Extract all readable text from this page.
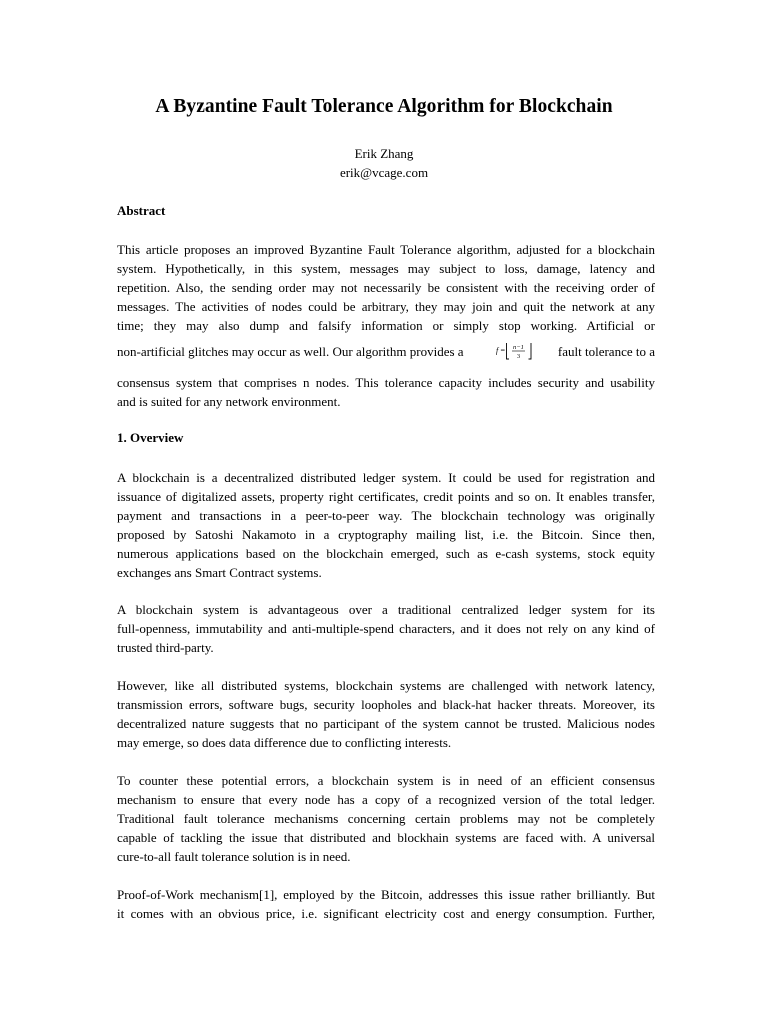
A Byzantine Fault Tolerance Algorithm for Blockchain
Erik Zhang
erik@vcage.com
Abstract
This article proposes an improved Byzantine Fault Tolerance algorithm, adjusted for a blockchain
system. Hypothetically, in this system, messages may subject to loss, damage, latency and
repetition. Also, the sending order may not necessarily be consistent with the receiving order of
messages. The activities of nodes could be arbitrary, they may join and quit the network at any
time; they may also dump and falsify information or simply stop working. Artificial or
non-artificial glitches may occur as well. Our algorithm provides a	f = n−1
3	fault tolerance to a
consensus system that comprises n nodes. This tolerance capacity includes security and usability
and is suited for any network environment.
1. Overview
A blockchain is a decentralized distributed ledger system. It could be used for registration and
issuance of digitalized assets, property right certificates, credit points and so on. It enables transfer,
payment and transactions in a peer-to-peer way. The blockchain technology was originally
proposed by Satoshi Nakamoto in a cryptography mailing list, i.e. the Bitcoin. Since then,
numerous applications based on the blockchain emerged, such as e-cash systems, stock equity
exchanges ans Smart Contract systems.
A blockchain system is advantageous over a traditional centralized ledger system for its
full-openness, immutability and anti-multiple-spend characters, and it does not rely on any kind of
trusted third-party.
However, like all distributed systems, blockchain systems are challenged with network latency,
transmission errors, software bugs, security loopholes and black-hat hacker threats. Moreover, its
decentralized nature suggests that no participant of the system cannot be trusted. Malicious nodes
may emerge, so does data difference due to conflicting interests.
To counter these potential errors, a blockchain system is in need of an efficient consensus
mechanism to ensure that every node has a copy of a recognized version of the total ledger.
Traditional fault tolerance mechanisms concerning certain problems may not be completely
capable of tackling the issue that distributed and blockhain systems are faced with. A universal
cure-to-all fault tolerance solution is in need.
Proof-of-Work mechanism[1], employed by the Bitcoin, addresses this issue rather brilliantly. But
it comes with an obvious price, i.e. significant electricity cost and energy consumption. Further,
